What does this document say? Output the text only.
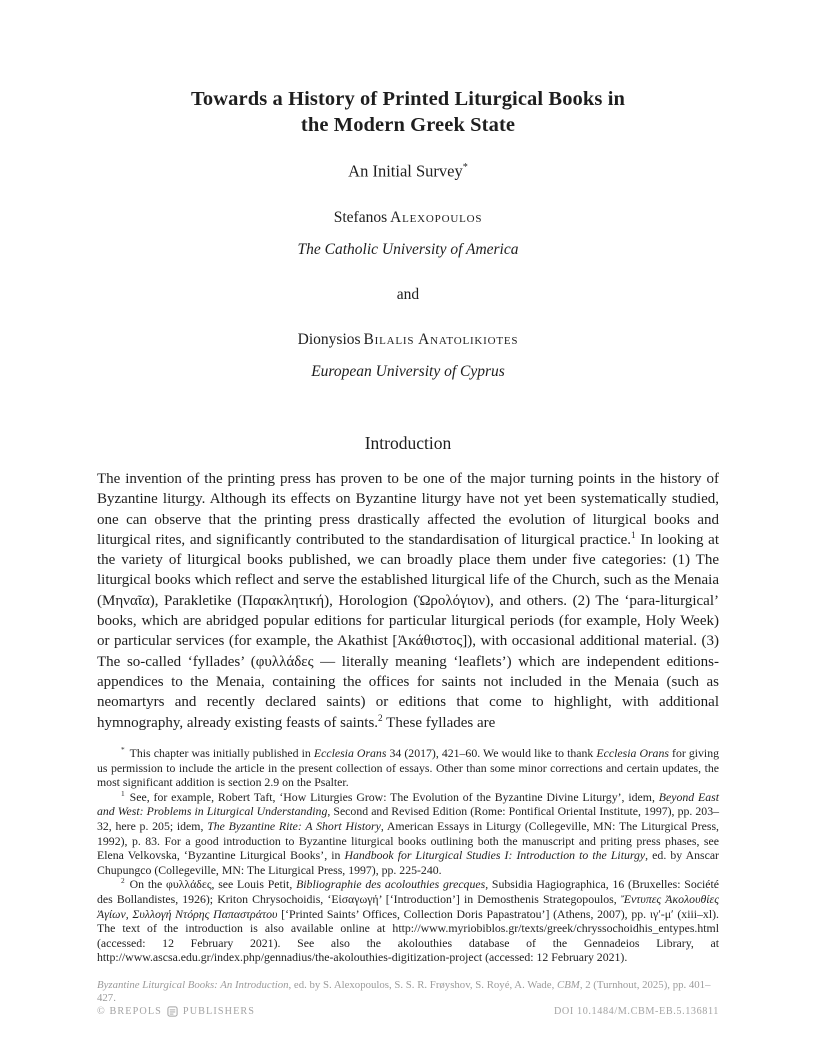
Towards a History of Printed Liturgical Books in
the Modern Greek State
An Initial Survey*
Stefanos Alexopoulos
The Catholic University of America
and
Dionysios Bilalis Anatolikiotes
European University of Cyprus
Introduction

The invention of the printing press has proven to be one of the major turning points in the history of Byzantine liturgy. Although its effects on Byzantine liturgy have not yet been systematically studied, one can observe that the printing press drastically affected the evolution of liturgical books and liturgical rites, and significantly contributed to the standardisation of liturgical practice.$^1$ In looking at the variety of liturgical books published, we can broadly place them under five categories: (1) The liturgical books which reflect and serve the established liturgical life of the Church, such as the Menaia (Μηναῖα), Parakletike (Παρακλητική), Horologion (Ὡρολόγιον), and others. (2) The ‘para-liturgical’ books, which are abridged popular editions for particular liturgical periods (for example, Holy Week) or particular services (for example, the Akathist [Ἀκάθιστος]), with occasional additional material. (3) The so-called ‘fyllades’ (φυλλάδες — literally meaning ‘leaflets’) which are independent editions-appendices to the Menaia, containing the offices for saints not included in the Menaia (such as neomartyrs and recently declared saints) or editions that come to highlight, with additional hymnography, already existing feasts of saints.$^2$ These fyllades are

* This chapter was initially published in Ecclesia Orans 34 (2017), 421–60. We would like to thank Ecclesia Orans for giving us permission to include the article in the present collection of essays. Other than some minor corrections and certain updates, the most significant addition is section 2.9 on the Psalter.

$^1$ See, for example, Robert Taft, ‘How Liturgies Grow: The Evolution of the Byzantine Divine Liturgy’, idem, Beyond East and West: Problems in Liturgical Understanding, Second and Revised Edition (Rome: Pontifical Oriental Institute, 1997), pp. 203–32, here p. 205; idem, The Byzantine Rite: A Short History, American Essays in Liturgy (Collegeville, MN: The Liturgical Press, 1992), p. 83. For a good introduction to Byzantine liturgical books outlining both the manuscript and priting press phases, see Elena Velkovska, ‘Byzantine Liturgical Books’, in Handbook for Liturgical Studies I: Introduction to the Liturgy, ed. by Anscar Chupungco (Collegeville, MN: The Liturgical Press, 1997), pp. 225-240.

$^2$ On the φυλλάδες, see Louis Petit, Bibliographie des acolouthies grecques, Subsidia Hagiographica, 16 (Bruxelles: Société des Bollandistes, 1926); Kriton Chrysochoidis, ‘Εἰσαγωγή’ [‘Introduction’] in Demosthenis Strategopoulos, Ἔντυπες Ἀκολουθίες Ἁγίων, Συλλογή Ντόρης Παπαστράτου [‘Printed Saints’ Offices, Collection Doris Papastratou’] (Athens, 2007), pp. ιγʹ-μʹ (xiii–xl). The text of the introduction is also available online at http://www.myriobiblos.gr/texts/greek/chryssochoidhis_entypes.html (accessed: 12 February 2021). See also the akolouthies database of the Gennadeios Library, at http://www.ascsa.edu.gr/index.php/gennadius/the-akolouthies-digitization-project (accessed: 12 February 2021).

Byzantine Liturgical Books: An Introduction, ed. by S. Alexopoulos, S. S. R. Frøyshov, S. Royé, A. Wade, CBM, 2 (Turnhout, 2025), pp. 401–427.
© BREPOLS PUBLISHERS	DOI 10.1484/M.CBM-EB.5.136811
